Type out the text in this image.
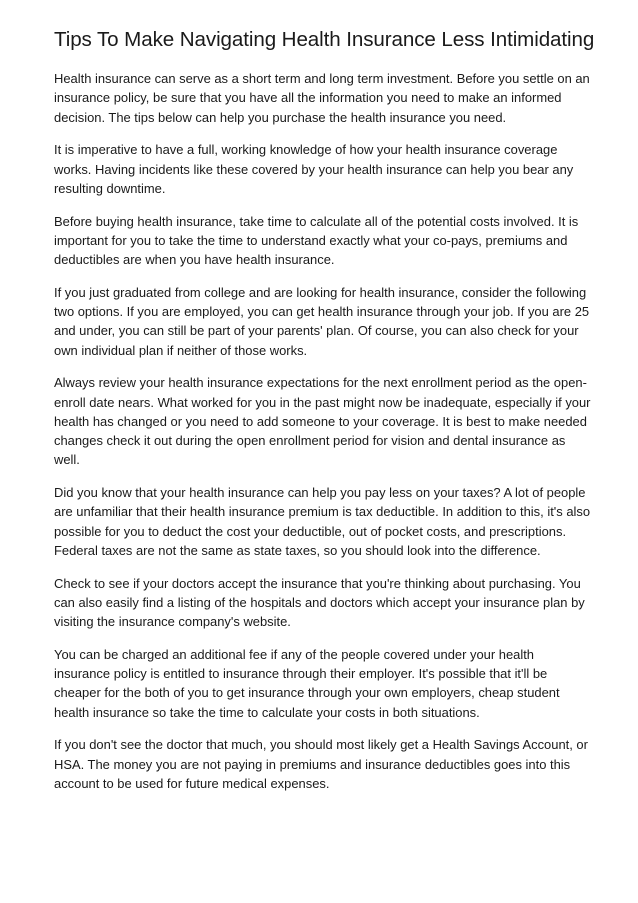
Tips To Make Navigating Health Insurance Less Intimidating

Health insurance can serve as a short term and long term investment. Before you settle on an insurance policy, be sure that you have all the information you need to make an informed decision. The tips below can help you purchase the health insurance you need.

It is imperative to have a full, working knowledge of how your health insurance coverage works. Having incidents like these covered by your health insurance can help you bear any resulting downtime.

Before buying health insurance, take time to calculate all of the potential costs involved. It is important for you to take the time to understand exactly what your co-pays, premiums and deductibles are when you have health insurance.

If you just graduated from college and are looking for health insurance, consider the following two options. If you are employed, you can get health insurance through your job. If you are 25 and under, you can still be part of your parents' plan. Of course, you can also check for your own individual plan if neither of those works.

Always review your health insurance expectations for the next enrollment period as the open-enroll date nears. What worked for you in the past might now be inadequate, especially if your health has changed or you need to add someone to your coverage. It is best to make needed changes check it out during the open enrollment period for vision and dental insurance as well.

Did you know that your health insurance can help you pay less on your taxes? A lot of people are unfamiliar that their health insurance premium is tax deductible. In addition to this, it's also possible for you to deduct the cost your deductible, out of pocket costs, and prescriptions. Federal taxes are not the same as state taxes, so you should look into the difference.

Check to see if your doctors accept the insurance that you're thinking about purchasing. You can also easily find a listing of the hospitals and doctors which accept your insurance plan by visiting the insurance company's website.

You can be charged an additional fee if any of the people covered under your health insurance policy is entitled to insurance through their employer. It's possible that it'll be cheaper for the both of you to get insurance through your own employers, cheap student health insurance so take the time to calculate your costs in both situations.

If you don't see the doctor that much, you should most likely get a Health Savings Account, or HSA. The money you are not paying in premiums and insurance deductibles goes into this account to be used for future medical expenses.
